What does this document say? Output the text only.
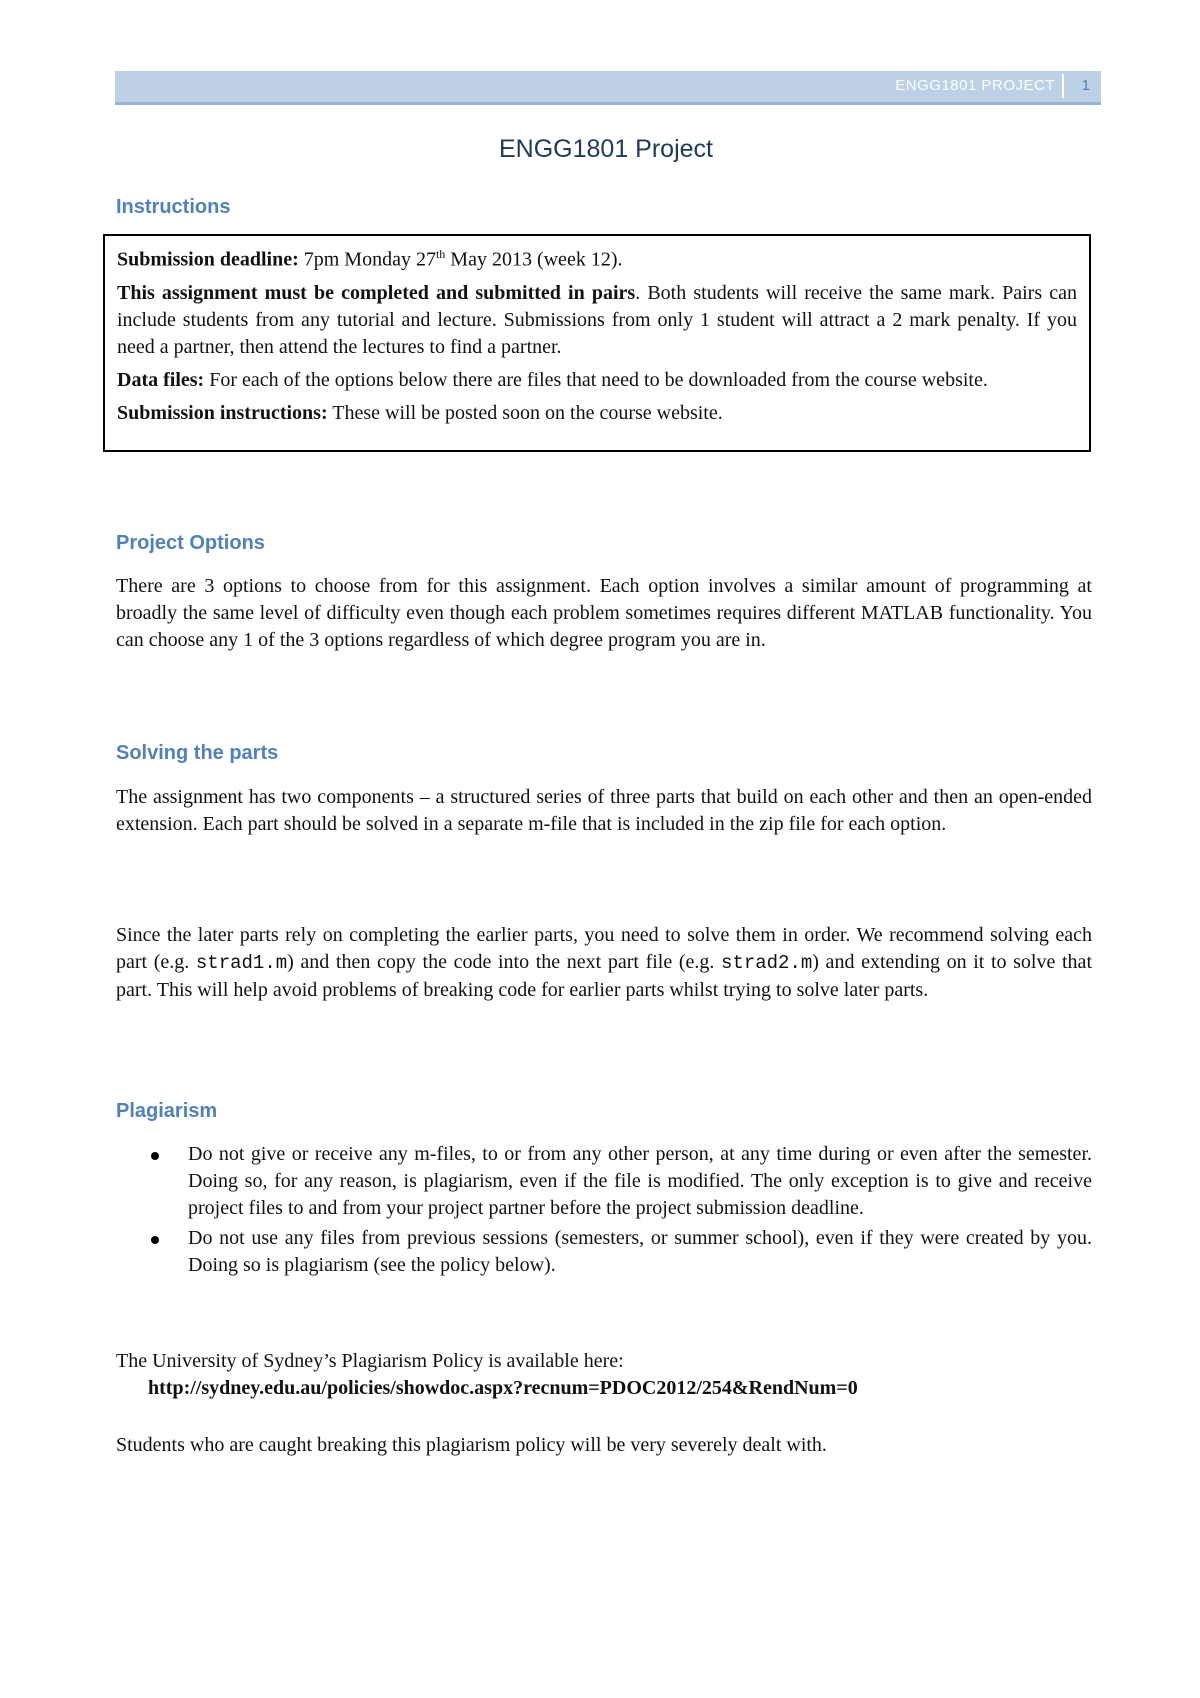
ENGG1801 PROJECT 1
ENGG1801 Project
Instructions

Submission deadline: 7pm Monday 27th May 2013 (week 12).

This assignment must be completed and submitted in pairs. Both students will receive the same mark. Pairs can include students from any tutorial and lecture. Submissions from only 1 student will attract a 2 mark penalty. If you need a partner, then attend the lectures to find a partner.

Data files: For each of the options below there are files that need to be downloaded from the course website.

Submission instructions: These will be posted soon on the course website.

Project Options

There are 3 options to choose from for this assignment. Each option involves a similar amount of programming at broadly the same level of difficulty even though each problem sometimes requires different MATLAB functionality. You can choose any 1 of the 3 options regardless of which degree program you are in.

Solving the parts

The assignment has two components – a structured series of three parts that build on each other and then an open-ended extension. Each part should be solved in a separate m-file that is included in the zip file for each option.

Since the later parts rely on completing the earlier parts, you need to solve them in order. We recommend solving each part (e.g. strad1.m) and then copy the code into the next part file (e.g. strad2.m) and extending on it to solve that part. This will help avoid problems of breaking code for earlier parts whilst trying to solve later parts.

Plagiarism
Do not give or receive any m-files, to or from any other person, at any time during or even after the semester. Doing so, for any reason, is plagiarism, even if the file is modified. The only exception is to give and receive project files to and from your project partner before the project submission deadline.
Do not use any files from previous sessions (semesters, or summer school), even if they were created by you. Doing so is plagiarism (see the policy below).

The University of Sydney’s Plagiarism Policy is available here:

http://sydney.edu.au/policies/showdoc.aspx?recnum=PDOC2012/254&RendNum=0

Students who are caught breaking this plagiarism policy will be very severely dealt with.
